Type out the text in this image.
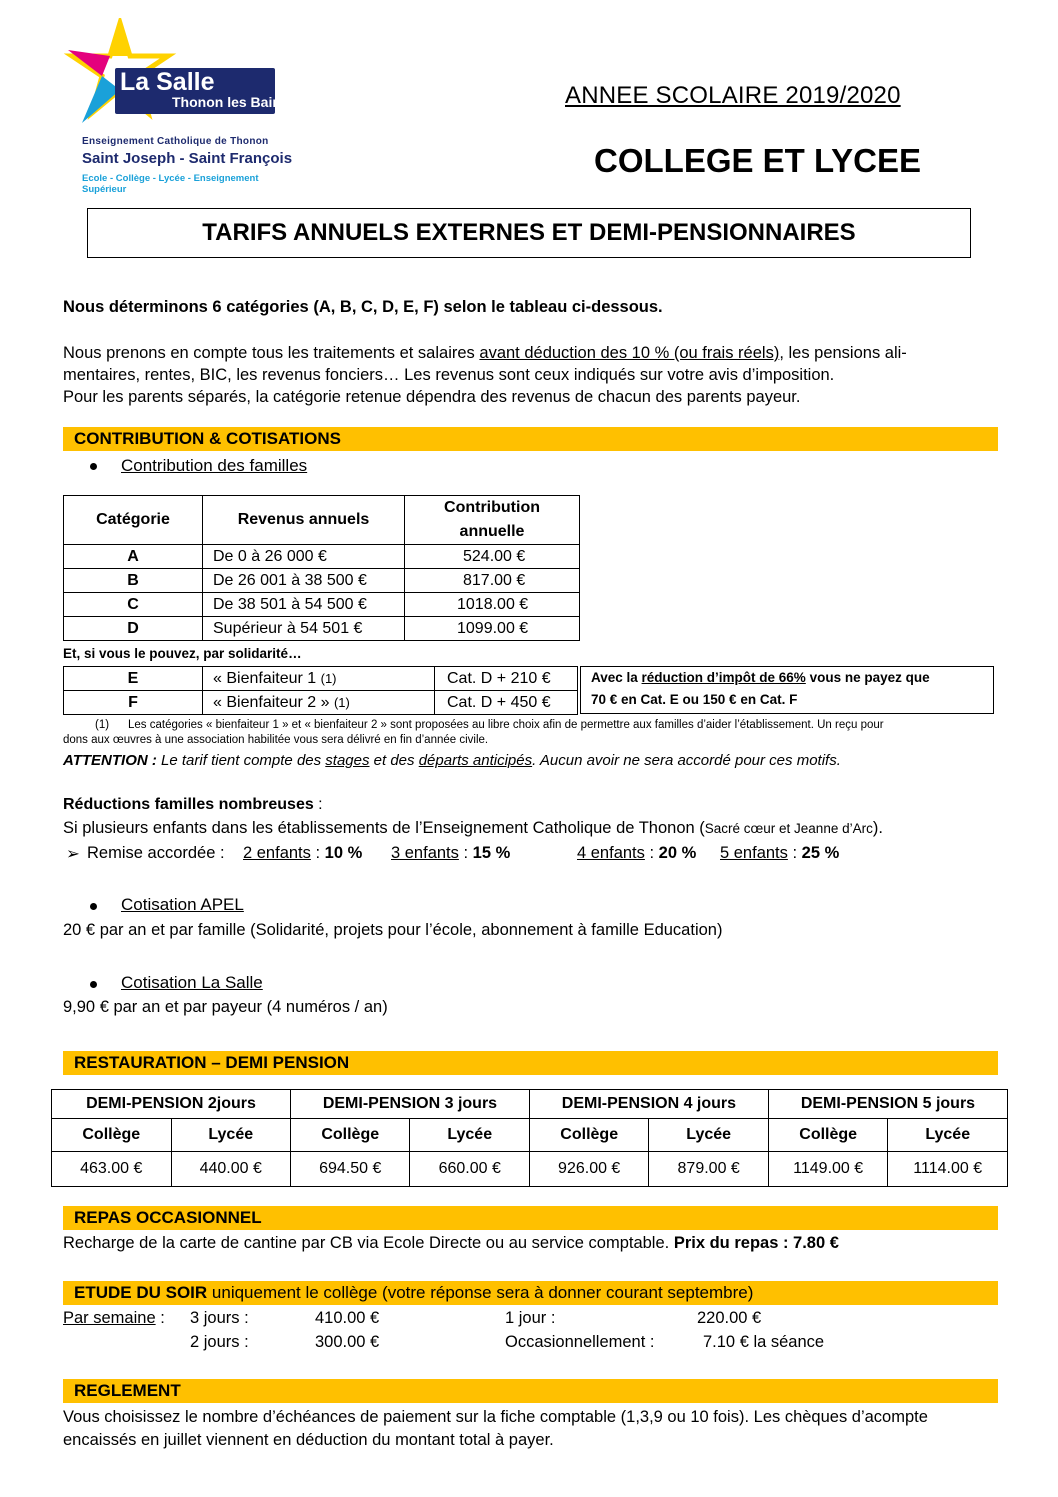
La Salle
Thonon les Bains
Enseignement Catholique de Thonon
Saint Joseph - Saint François
Ecole - Collège - Lycée - Enseignement Supérieur
ANNEE SCOLAIRE 2019/2020
COLLEGE ET LYCEE
TARIFS ANNUELS EXTERNES ET DEMI-PENSIONNAIRES
Nous déterminons 6 catégories (A, B, C, D, E, F) selon le tableau ci-dessous.
Nous prenons en compte tous les traitements et salaires avant déduction des 10 % (ou frais réels), les pensions ali-
mentaires, rentes, BIC, les revenus fonciers… Les revenus sont ceux indiqués sur votre avis d’imposition.
Pour les parents séparés, la catégorie retenue dépendra des revenus de chacun des parents payeur.
CONTRIBUTION & COTISATIONS
Contribution des familles
Catégorie	Revenus annuels	Contribution annuelle
A	De 0 à 26 000 €	524.00 €
B	De 26 001 à 38 500 €	817.00 €
C	De 38 501 à 54 500 €	1018.00 €
D	Supérieur à 54 501 €	1099.00 €
Et, si vous le pouvez, par solidarité…
E	« Bienfaiteur 1 (1)	Cat. D + 210 €
F	« Bienfaiteur 2 » (1)	Cat. D + 450 €
Avec la réduction d’impôt de 66% vous ne payez que
70 € en Cat. E ou 150 € en Cat. F
(1) Les catégories « bienfaiteur 1 » et « bienfaiteur 2 » sont proposées au libre choix afin de permettre aux familles d’aider l’établissement. Un reçu pour
dons aux œuvres à une association habilitée vous sera délivré en fin d’année civile.
ATTENTION : Le tarif tient compte des stages et des départs anticipés. Aucun avoir ne sera accordé pour ces motifs.
Réductions familles nombreuses :
Si plusieurs enfants dans les établissements de l’Enseignement Catholique de Thonon (Sacré cœur et Jeanne d’Arc).
➢ Remise accordée : 2 enfants : 10 % 3 enfants : 15 %	4 enfants : 20 % 5 enfants : 25 %
Cotisation APEL
20 € par an et par famille (Solidarité, projets pour l’école, abonnement à famille Education)
Cotisation La Salle
9,90 € par an et par payeur (4 numéros / an)
RESTAURATION – DEMI PENSION
DEMI-PENSION 2jours		DEMI-PENSION 3 jours		DEMI-PENSION 4 jours		DEMI-PENSION 5 jours	
Collège	Lycée	Collège	Lycée	Collège	Lycée	Collège	Lycée
463.00 €	440.00 €	694.50 €	660.00 €	926.00 €	879.00 €	1149.00 €	1114.00 €
REPAS OCCASIONNEL
Recharge de la carte de cantine par CB via Ecole Directe ou au service comptable. Prix du repas : 7.80 €
ETUDE DU SOIR uniquement le collège (votre réponse sera à donner courant septembre)
Par semaine : 3 jours :	410.00 €
2 jours :	300.00 €
1 jour :	220.00 €
Occasionnellement :	7.10 € la séance
REGLEMENT
Vous choisissez le nombre d’échéances de paiement sur la fiche comptable (1,3,9 ou 10 fois). Les chèques d’acompte
encaissés en juillet viennent en déduction du montant total à payer.
